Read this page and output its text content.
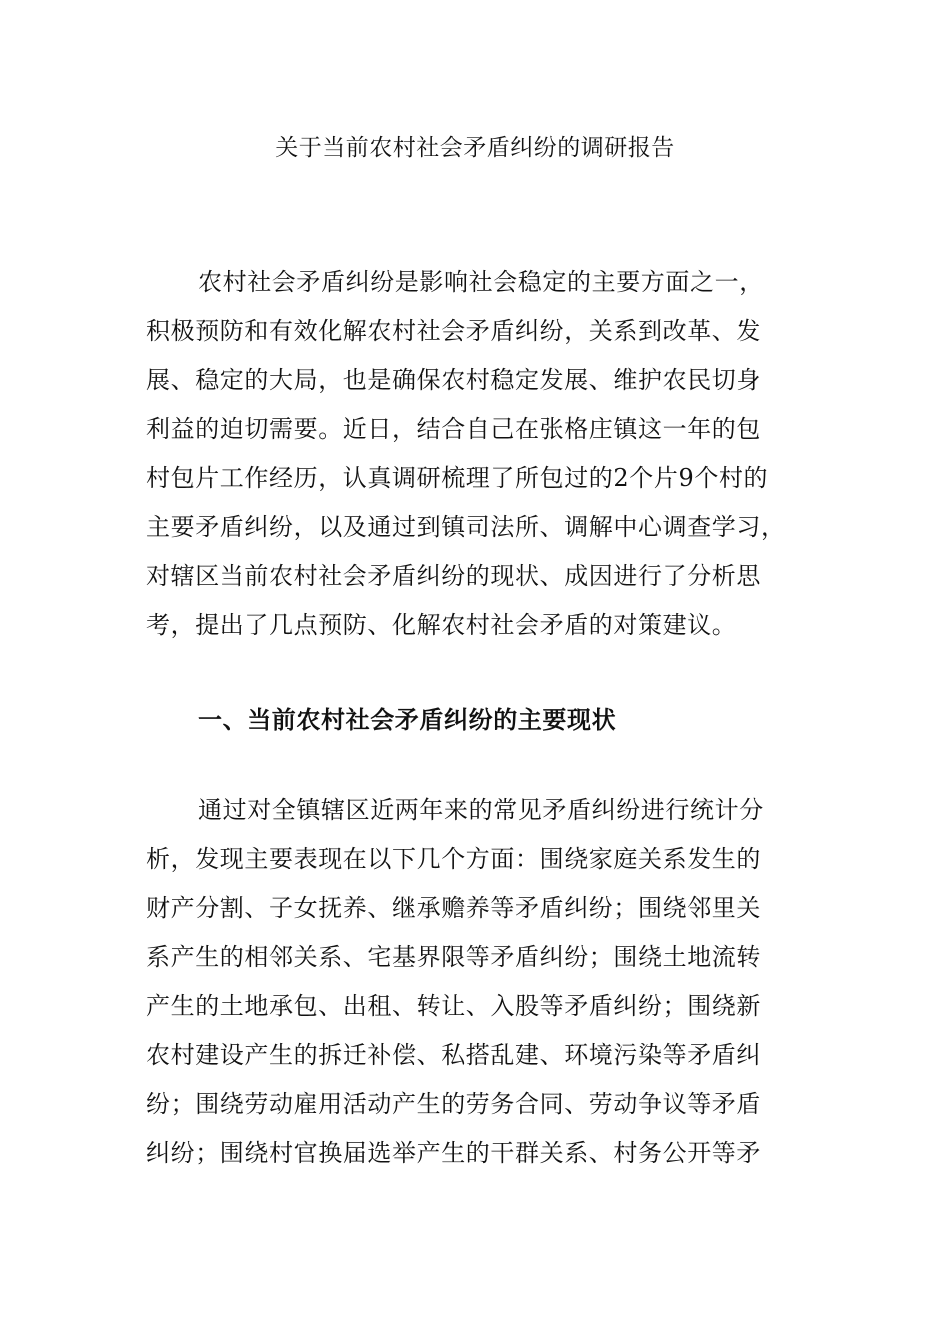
关于当前农村社会矛盾纠纷的调研报告
农村社会矛盾纠纷是影响社会稳定的主要方面之一，
积极预防和有效化解农村社会矛盾纠纷，关系到改革、发
展、稳定的大局，也是确保农村稳定发展、维护农民切身
利益的迫切需要。近日，结合自己在张格庄镇这一年的包
村包片工作经历，认真调研梳理了所包过的2个片9个村的
主要矛盾纠纷，以及通过到镇司法所、调解中心调查学习，
对辖区当前农村社会矛盾纠纷的现状、成因进行了分析思
考，提出了几点预防、化解农村社会矛盾的对策建议。
一、当前农村社会矛盾纠纷的主要现状
通过对全镇辖区近两年来的常见矛盾纠纷进行统计分
析，发现主要表现在以下几个方面：围绕家庭关系发生的
财产分割、子女抚养、继承赡养等矛盾纠纷；围绕邻里关
系产生的相邻关系、宅基界限等矛盾纠纷；围绕土地流转
产生的土地承包、出租、转让、入股等矛盾纠纷；围绕新
农村建设产生的拆迁补偿、私搭乱建、环境污染等矛盾纠
纷；围绕劳动雇用活动产生的劳务合同、劳动争议等矛盾
纠纷；围绕村官换届选举产生的干群关系、村务公开等矛
